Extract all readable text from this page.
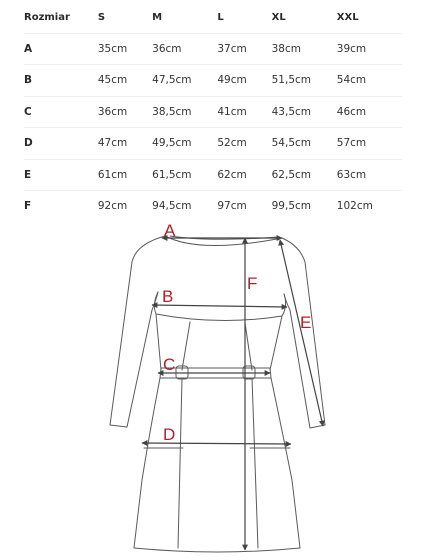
Rozmiar	S	M	L	XL	XXL
A	35cm	36cm	37cm	38cm	39cm
B	45cm	47,5cm	49cm	51,5cm	54cm
C	36cm	38,5cm	41cm	43,5cm	46cm
D	47cm	49,5cm	52cm	54,5cm	57cm
E	61cm	61,5cm	62cm	62,5cm	63cm
F	92cm	94,5cm	97cm	99,5cm	102cm
A
B
C
D
E
F
